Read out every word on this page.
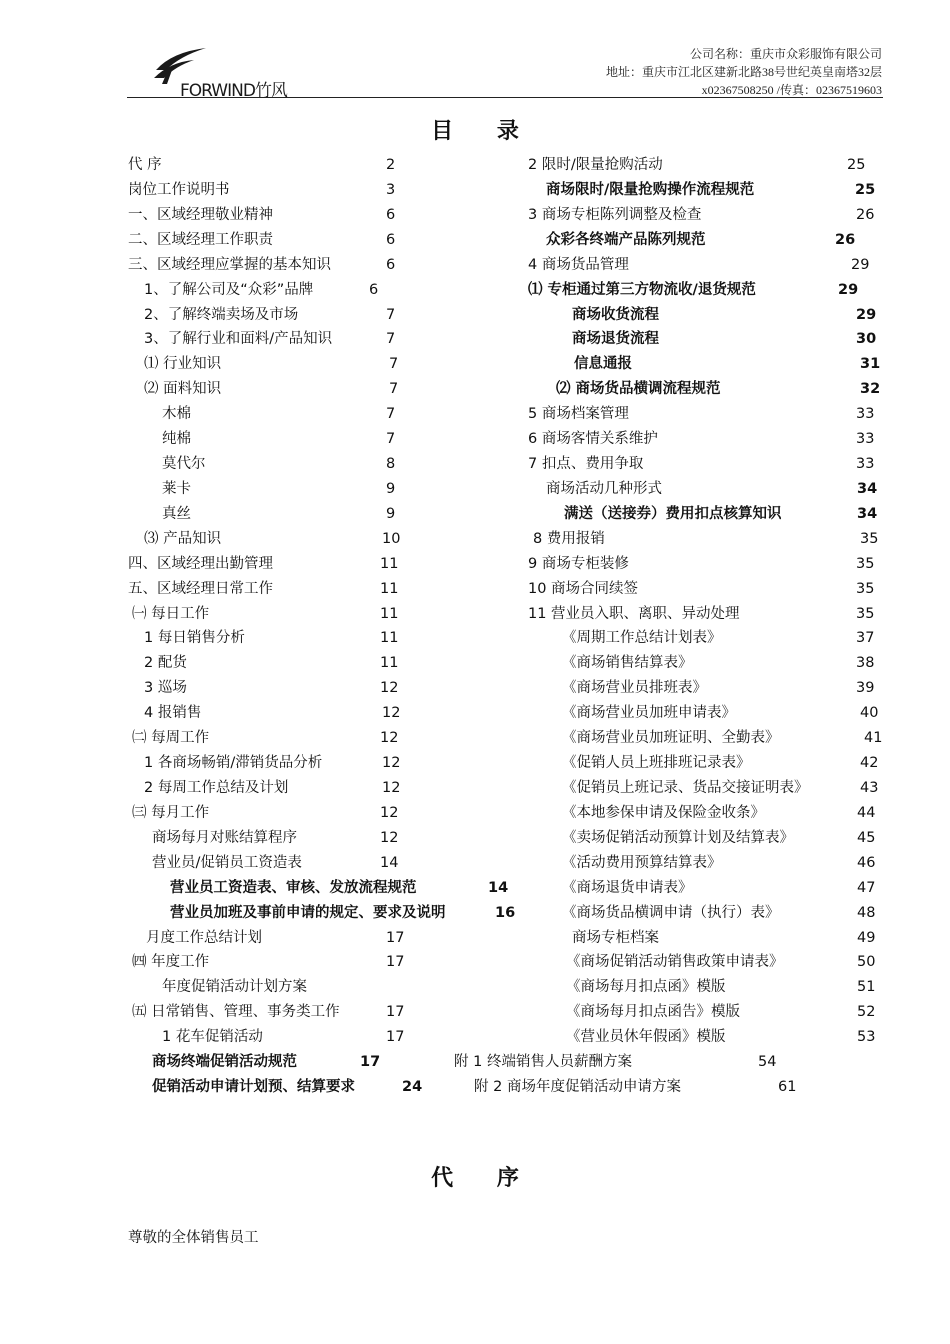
FORWIND竹风
公司名称：重庆市众彩服饰有限公司
地址：重庆市江北区建新北路38号世纪英皇南塔32层
x02367508250 /传真：02367519603
目 录
代 序	2
岗位工作说明书	3
一、区域经理敬业精神	6
二、区域经理工作职责	6
三、区域经理应掌握的基本知识	6
1、了解公司及“众彩”品牌	6
2、了解终端卖场及市场	7
3、了解行业和面料/产品知识	7
⑴ 行业知识	7
⑵ 面料知识	7
木棉	7
纯棉	7
莫代尔	8
莱卡	9
真丝	9
⑶ 产品知识	10
四、区域经理出勤管理	11
五、区域经理日常工作	11
㈠ 每日工作	11
1 每日销售分析	11
2 配货	11
3 巡场	12
4 报销售	12
㈡ 每周工作	12
1 各商场畅销/滞销货品分析	12
2 每周工作总结及计划	12
㈢ 每月工作	12
商场每月对账结算程序	12
营业员/促销员工资造表	14
营业员工资造表、审核、发放流程规范	14
营业员加班及事前申请的规定、要求及说明	16
月度工作总结计划	17
㈣ 年度工作	17
年度促销活动计划方案
㈤ 日常销售、管理、事务类工作	17
1 花车促销活动	17
商场终端促销活动规范	17
促销活动申请计划预、结算要求	24
2 限时/限量抢购活动	25
商场限时/限量抢购操作流程规范	25
3 商场专柜陈列调整及检查	26
众彩各终端产品陈列规范	26
4 商场货品管理	29
⑴ 专柜通过第三方物流收/退货规范	29
商场收货流程	29
商场退货流程	30
信息通报	31
⑵ 商场货品横调流程规范	32
5 商场档案管理	33
6 商场客情关系维护	33
7 扣点、费用争取	33
商场活动几种形式	34
满送（送接券）费用扣点核算知识	34
8 费用报销	35
9 商场专柜装修	35
10 商场合同续签	35
11 营业员入职、离职、异动处理	35
《周期工作总结计划表》	37
《商场销售结算表》	38
《商场营业员排班表》	39
《商场营业员加班申请表》	40
《商场营业员加班证明、全勤表》	41
《促销人员上班排班记录表》	42
《促销员上班记录、货品交接证明表》	43
《本地参保申请及保险金收条》	44
《卖场促销活动预算计划及结算表》	45
《活动费用预算结算表》	46
《商场退货申请表》	47
《商场货品横调申请（执行）表》	48
商场专柜档案	49
《商场促销活动销售政策申请表》	50
《商场每月扣点函》模版	51
《商场每月扣点函告》模版	52
《营业员休年假函》模版	53
附 1 终端销售人员薪酬方案	54
附 2 商场年度促销活动申请方案	61
代 序
尊敬的全体销售员工
